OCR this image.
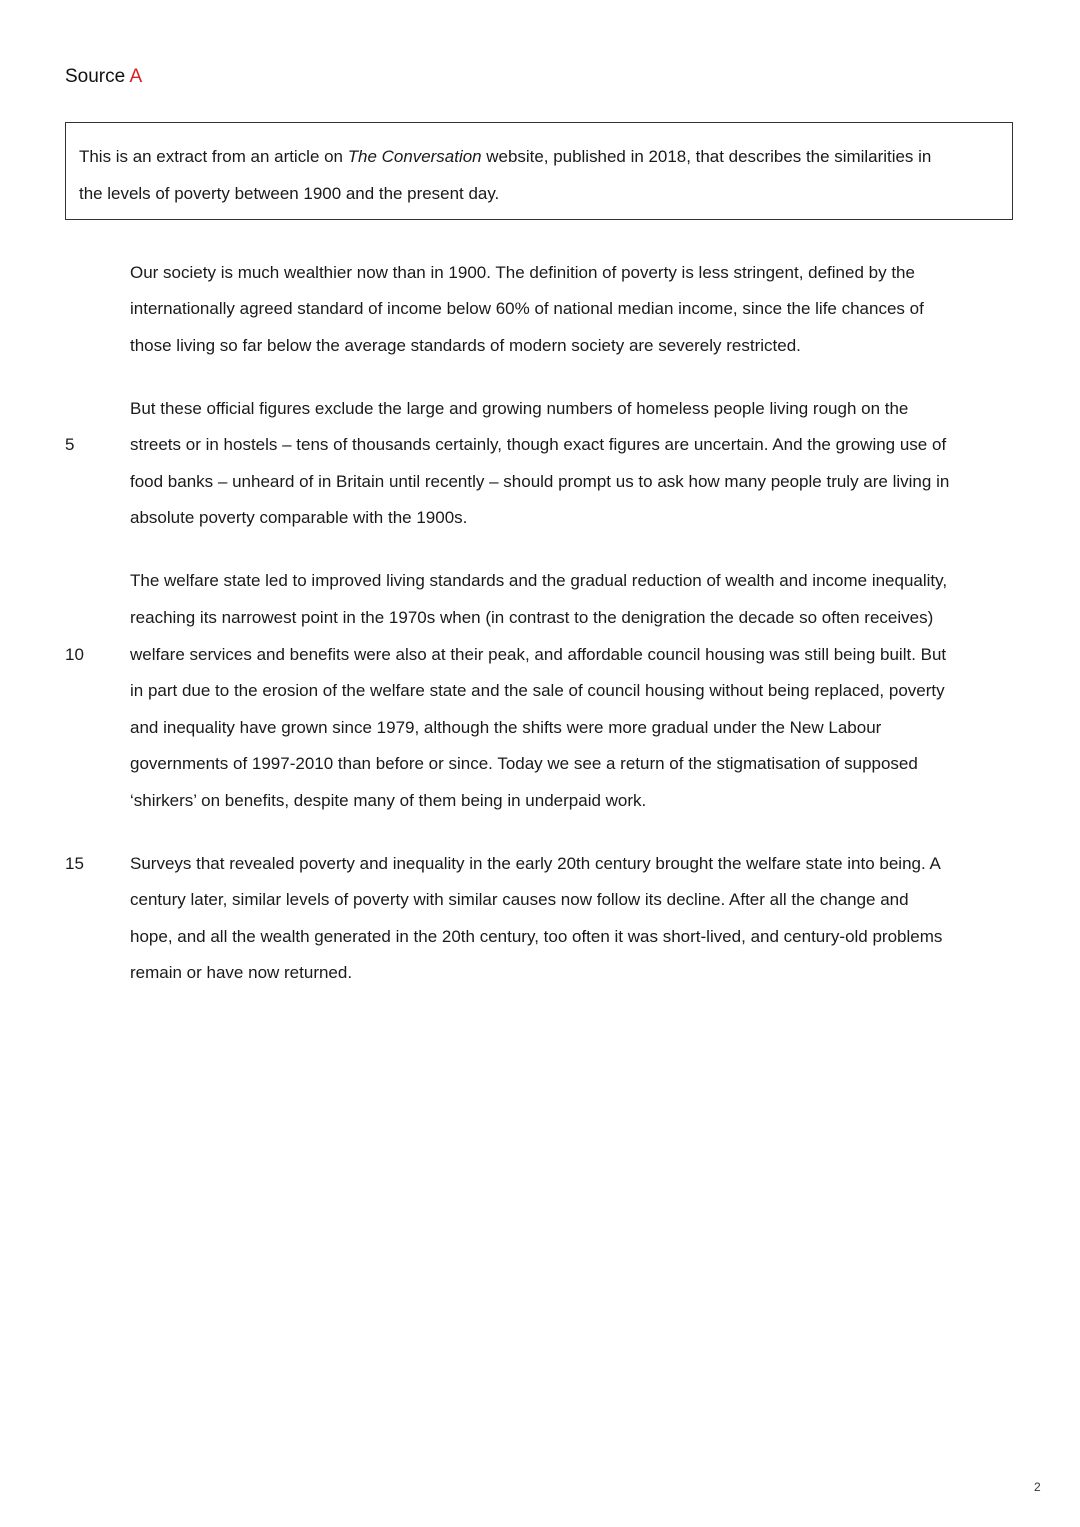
Source A
This is an extract from an article on The Conversation website, published in 2018, that describes the similarities in
the levels of poverty between 1900 and the present day.
Our society is much wealthier now than in 1900. The definition of poverty is less stringent, defined by the
internationally agreed standard of income below 60% of national median income, since the life chances of
those living so far below the average standards of modern society are severely restricted.
But these official figures exclude the large and growing numbers of homeless people living rough on the
5	streets or in hostels – tens of thousands certainly, though exact figures are uncertain. And the growing use of
food banks – unheard of in Britain until recently – should prompt us to ask how many people truly are living in
absolute poverty comparable with the 1900s.
The welfare state led to improved living standards and the gradual reduction of wealth and income inequality,
reaching its narrowest point in the 1970s when (in contrast to the denigration the decade so often receives)
10	welfare services and benefits were also at their peak, and affordable council housing was still being built. But
in part due to the erosion of the welfare state and the sale of council housing without being replaced, poverty
and inequality have grown since 1979, although the shifts were more gradual under the New Labour
governments of 1997-2010 than before or since. Today we see a return of the stigmatisation of supposed
‘shirkers’ on benefits, despite many of them being in underpaid work.
15	Surveys that revealed poverty and inequality in the early 20th century brought the welfare state into being. A
century later, similar levels of poverty with similar causes now follow its decline. After all the change and
hope, and all the wealth generated in the 20th century, too often it was short-lived, and century-old problems
remain or have now returned.
2
